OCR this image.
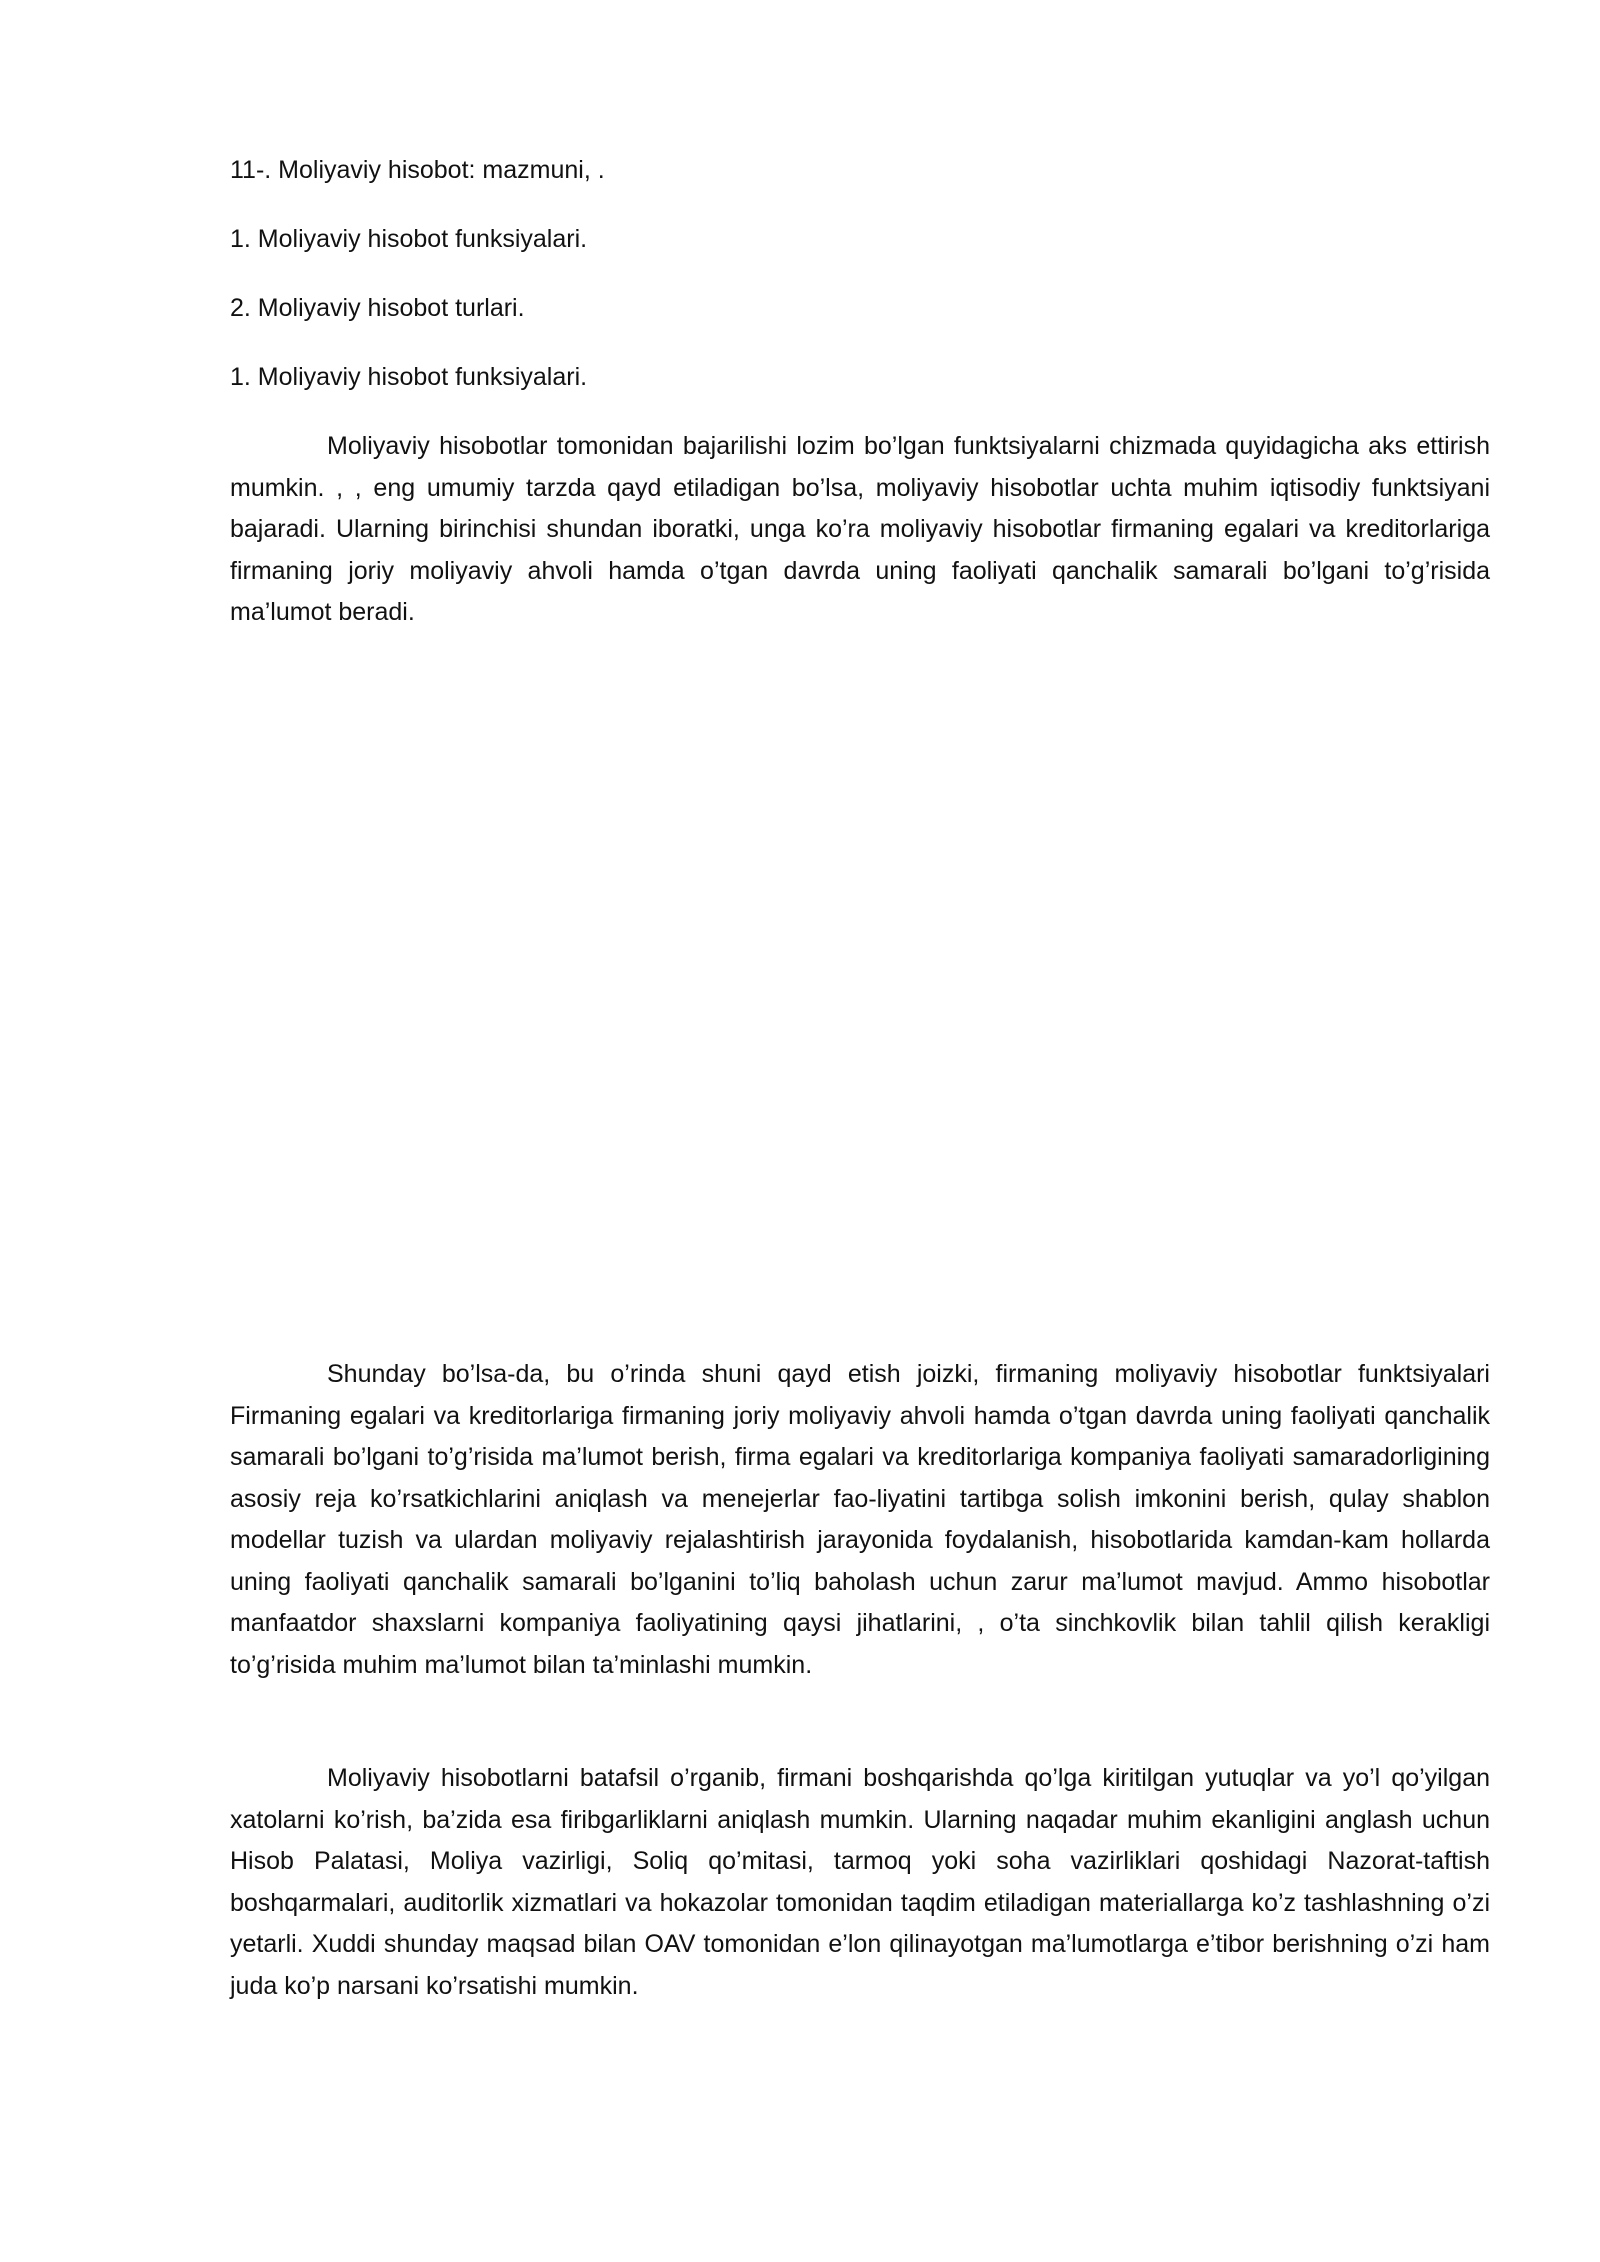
11-. Moliyaviy hisobot: mazmuni, .

1. Moliyaviy hisobot funksiyalari.

2. Moliyaviy hisobot turlari.

1. Moliyaviy hisobot funksiyalari.

Moliyaviy hisobotlar tomonidan bajarilishi lozim bo’lgan funktsiyalarni chizmada quyidagicha aks ettirish mumkin. , , eng umumiy tarzda qayd etiladigan bo’lsa, moliyaviy hisobotlar uchta muhim iqtisodiy funktsiyani bajaradi. Ularning birinchisi shundan iboratki, unga ko’ra moliyaviy hisobotlar firmaning egalari va kreditorlariga firmaning joriy moliyaviy ahvoli hamda o’tgan davrda uning faoliyati qanchalik samarali bo’lgani to’g’risida ma’lumot beradi.

Shunday bo’lsa-da, bu o’rinda shuni qayd etish joizki, firmaning moliyaviy hisobotlar funktsiyalari Firmaning egalari va kreditorlariga firmaning joriy moliyaviy ahvoli hamda o’tgan davrda uning faoliyati qanchalik samarali bo’lgani to’g’risida ma’lumot berish, firma egalari va kreditorlariga kompaniya faoliyati samaradorligining asosiy reja ko’rsatkichlarini aniqlash va menejerlar fao-liyatini tartibga solish imkonini berish, qulay shablon modellar tuzish va ulardan moliyaviy rejalashtirish jarayonida foydalanish, hisobotlarida kamdan-kam hollarda uning faoliyati qanchalik samarali bo’lganini to’liq baholash uchun zarur ma’lumot mavjud. Ammo hisobotlar manfaatdor shaxslarni kompaniya faoliyatining qaysi jihatlarini, , o’ta sinchkovlik bilan tahlil qilish kerakligi to’g’risida muhim ma’lumot bilan ta’minlashi mumkin.

Moliyaviy hisobotlarni batafsil o’rganib, firmani boshqarishda qo’lga kiritilgan yutuqlar va yo’l qo’yilgan xatolarni ko’rish, ba’zida esa firibgarliklarni aniqlash mumkin. Ularning naqadar muhim ekanligini anglash uchun Hisob Palatasi, Moliya vazirligi, Soliq qo’mitasi, tarmoq yoki soha vazirliklari qoshidagi Nazorat-taftish boshqarmalari, auditorlik xizmatlari va hokazolar tomonidan taqdim etiladigan materiallarga ko’z tashlashning o’zi yetarli. Xuddi shunday maqsad bilan OAV tomonidan e’lon qilinayotgan ma’lumotlarga e’tibor berishning o’zi ham juda ko’p narsani ko’rsatishi mumkin.
